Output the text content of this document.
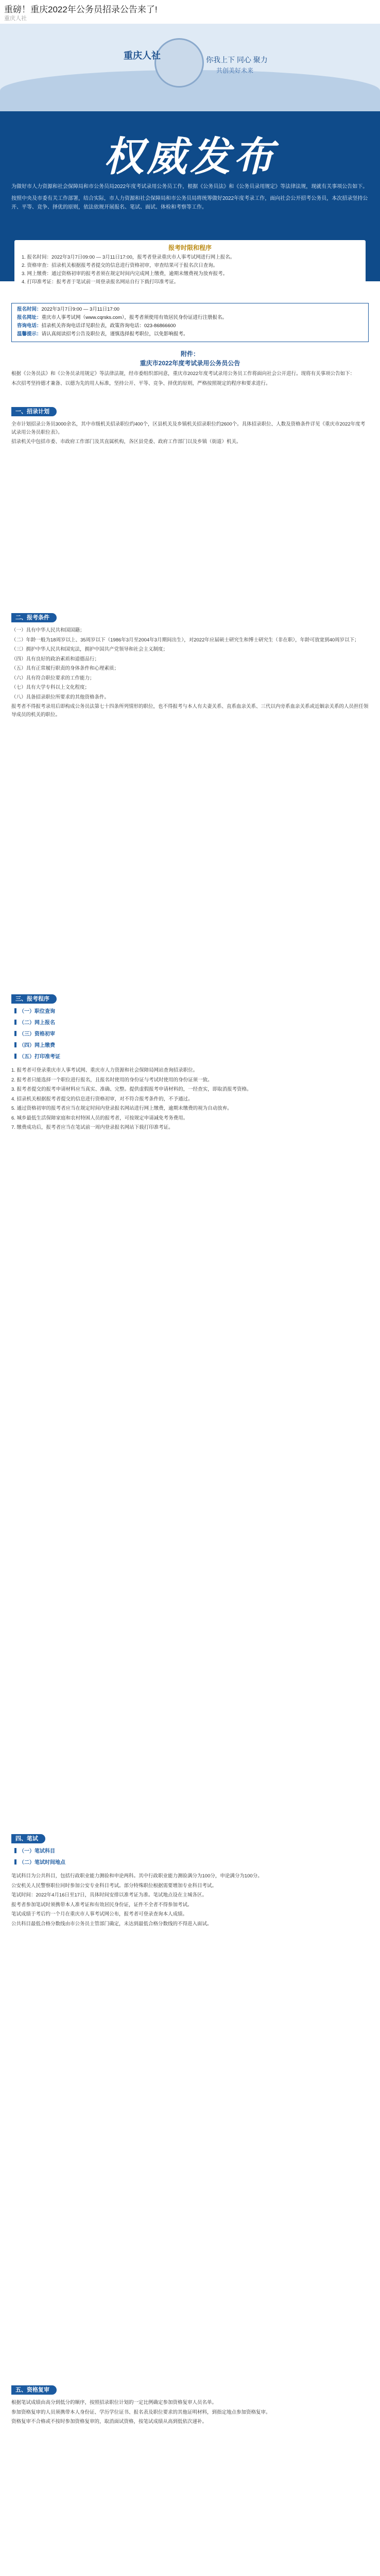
重磅！重庆2022年公务员招录公告来了!
重庆人社
重庆人社	你我上下 同心 聚力
共创美好未来
权威发布

为做好市人力资源和社会保障局和市公务员局2022年度考试录用公务员工作，根据《公务员法》和《公务员录用规定》等法律法规，现就有关事项公告如下。

按照中央及市委有关工作部署，结合实际，市人力资源和社会保障局和市公务员局将统筹做好2022年度考录工作，面向社会公开招考公务员，本次招录坚持公开、平等、竞争、择优的原则，依法依规开展报名、笔试、面试、体检和考察等工作。

报考时限和程序

1. 报名时间：2022年3月7日09:00 — 3月11日17:00，报考者登录重庆市人事考试网进行网上报名。

2. 资格审查：招录机关根据报考者提交的信息进行资格初审，审查结果可于报名次日查询。

3. 网上缴费：通过资格初审的报考者须在规定时间内完成网上缴费，逾期未缴费视为放弃报考。

4. 打印准考证：报考者于笔试前一周登录报名网站自行下载打印准考证。

报名时间：2022年3月7日9:00 — 3月11日17:00

报名网址：重庆市人事考试网（www.cqrsks.com），报考者须使用有效居民身份证进行注册报名。

咨询电话：招录机关咨询电话详见职位表，政策咨询电话：023-86866600

温馨提示：请认真阅读招考公告及职位表，谨慎选择报考职位，以免影响报考。

附件：
重庆市2022年度考试录用公务员公告

根据《公务员法》和《公务员录用规定》等法律法规，经市委组织部同意，重庆市2022年度考试录用公务员工作将面向社会公开进行。现将有关事项公告如下：

本次招考坚持德才兼备、以德为先的用人标准，坚持公开、平等、竞争、择优的原则，严格按照规定的程序和要求进行。

一、招录计划

全市计划招录公务员3000余名，其中市级机关招录职位约400个，区县机关及乡镇机关招录职位约2600个。具体招录职位、人数及资格条件详见《重庆市2022年度考试录用公务员职位表》。

招录机关中包括市委、市政府工作部门及其直属机构，各区县党委、政府工作部门以及乡镇（街道）机关。

二、报考条件

（一）具有中华人民共和国国籍；

（二）年龄一般为18周岁以上、35周岁以下（1986年3月至2004年3月期间出生），对2022年应届硕士研究生和博士研究生（非在职），年龄可放宽到40周岁以下；

（三）拥护中华人民共和国宪法，拥护中国共产党领导和社会主义制度；

（四）具有良好的政治素质和道德品行；

（五）具有正常履行职责的身体条件和心理素质；

（六）具有符合职位要求的工作能力；

（七）具有大学专科以上文化程度；

（八）具备招录职位所要求的其他资格条件。

报考者不得报考录用后即构成公务员法第七十四条所列情形的职位，也不得报考与本人有夫妻关系、直系血亲关系、三代以内旁系血亲关系或近姻亲关系的人员担任领导成员的机关的职位。

三、报考程序
（一）职位查询
（二）网上报名
（三）资格初审
（四）网上缴费
（五）打印准考证

1. 报考者可登录重庆市人事考试网、重庆市人力资源和社会保障局网站查询招录职位。

2. 报考者只能选择一个职位进行报名，且报名时使用的身份证与考试时使用的身份证须一致。

3. 报考者提交的报考申请材料应当真实、准确、完整。提供虚假报考申请材料的，一经查实，即取消报考资格。

4. 招录机关根据报考者提交的信息进行资格初审，对不符合报考条件的，不予通过。

5. 通过资格初审的报考者应当在规定时间内登录报名网站进行网上缴费，逾期未缴费的视为自动放弃。

6. 城乡最低生活保障家庭和农村特困人员的报考者，可按规定申请减免考务费用。

7. 缴费成功后，报考者应当在笔试前一周内登录报名网站下载打印准考证。

四、笔试
（一）笔试科目
（二）笔试时间地点

笔试科目为公共科目，包括行政职业能力测验和申论两科。其中行政职业能力测验满分为100分，申论满分为100分。

公安机关人民警察职位同时参加公安专业科目考试。部分特殊职位根据需要增加专业科目考试。

笔试时间：2022年4月16日至17日，具体时间安排以准考证为准。笔试地点设在主城各区。

报考者参加笔试时须携带本人准考证和有效居民身份证，证件不全者不得参加考试。

笔试成绩于考后约一个月在重庆市人事考试网公布，报考者可登录查询本人成绩。

公共科目最低合格分数线由市公务员主管部门确定，未达到最低合格分数线的不得进入面试。

五、资格复审

根据笔试成绩由高分到低分的顺序，按照招录职位计划的一定比例确定参加资格复审人员名单。

参加资格复审的人员须携带本人身份证、学历学位证书、报名表及职位要求的其他证明材料，到指定地点参加资格复审。

资格复审不合格或不按时参加资格复审的，取消面试资格，按笔试成绩从高到低依次递补。
